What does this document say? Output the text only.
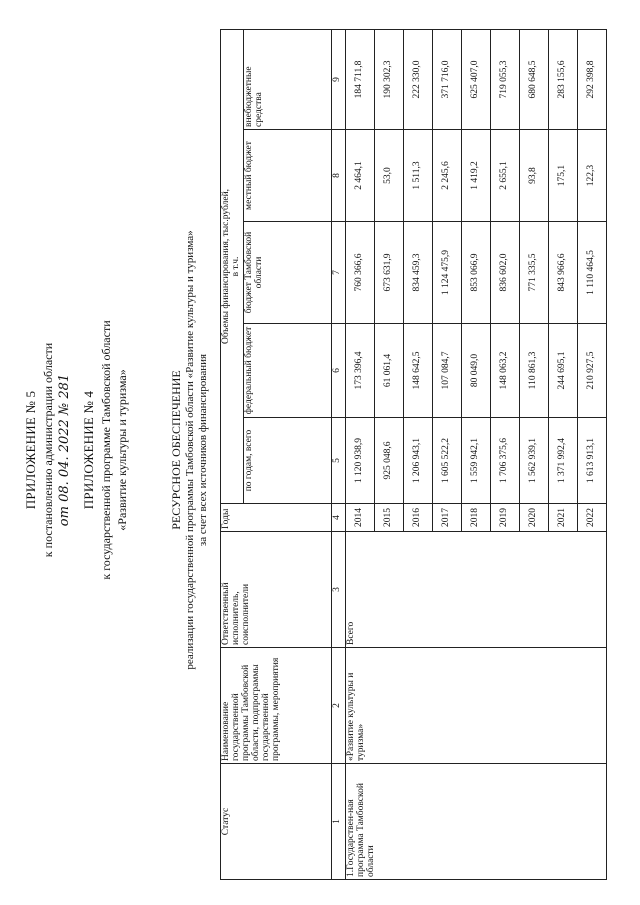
ПРИЛОЖЕНИЕ № 5 к постановлению администрации области от 08. 04. 2022 № 281 ПРИЛОЖЕНИЕ № 4 к государственной программе Тамбовской области «Развитие культуры и туризма»	РЕСУРСНОЕ ОБЕСПЕЧЕНИЕ реализации государственной программы Тамбовской области «Развитие культуры и туризма» за счет всех источников финансирования
Статус	Наименование государственной программы Тамбовской области, подпрограммы государственной программы, мероприятия	Ответственный исполнитель, соисполнители	Годы	Объемы финансирования, тыс.рублей,
в т.ч.				
				по годам, всего	федеральный бюджет	бюджет Тамбовской области	местный бюджет	внебюджетные средства
1	2	3	4	5	6	7	8	9
1.Государствен-ная программа Тамбовской области	«Развитие культуры и туризма»	Всего	2014	1 120 938,9	173 396,4	760 366,6	2 464,1	184 711,8
			2015	925 048,6	61 061,4	673 631,9	53,0	190 302,3
			2016	1 206 943,1	148 642,5	834 459,3	1 511,3	222 330,0
			2017	1 605 522,2	107 084,7	1 124 475,9	2 245,6	371 716,0
			2018	1 559 942,1	80 049,0	853 066,9	1 419,2	625 407,0
			2019	1 706 375,6	148 063,2	836 602,0	2 655,1	719 055,3
			2020	1 562 939,1	110 861,3	771 335,5	93,8	680 648,5
			2021	1 371 992,4	244 695,1	843 966,6	175,1	283 155,6
			2022	1 613 913,1	210 927,5	1 110 464,5	122,3	292 398,8
